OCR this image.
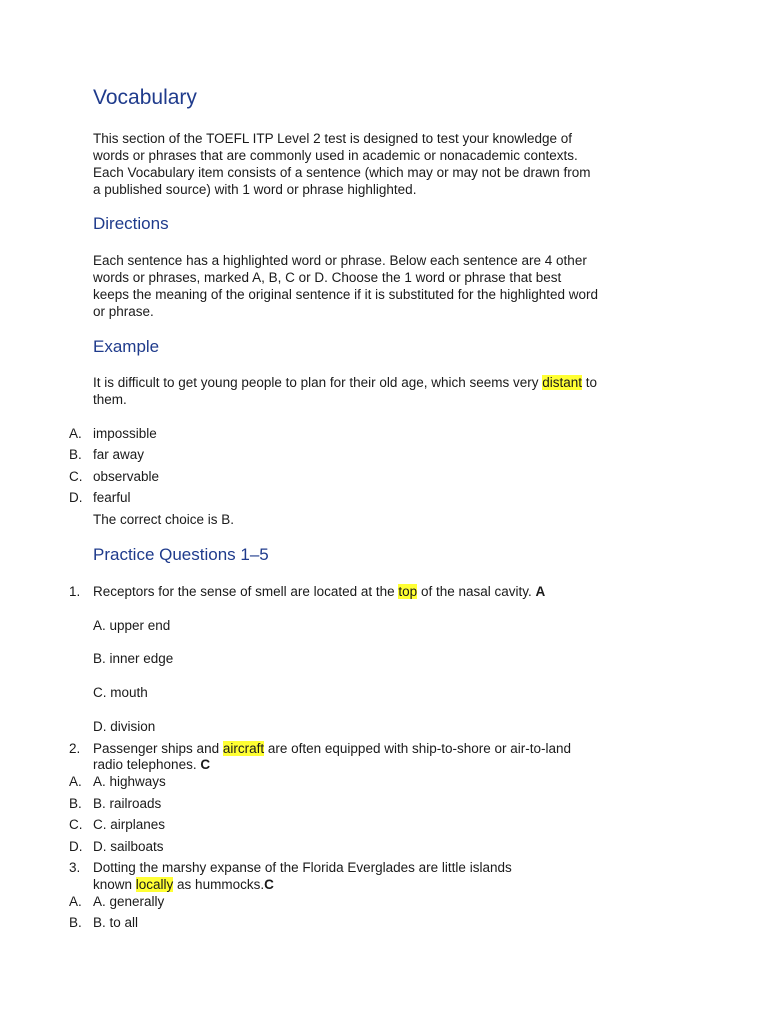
Vocabulary
This section of the TOEFL ITP Level 2 test is designed to test your knowledge of
words or phrases that are commonly used in academic or nonacademic contexts.
Each Vocabulary item consists of a sentence (which may or may not be drawn from
a published source) with 1 word or phrase highlighted.
Directions
Each sentence has a highlighted word or phrase. Below each sentence are 4 other
words or phrases, marked A, B, C or D. Choose the 1 word or phrase that best
keeps the meaning of the original sentence if it is substituted for the highlighted word
or phrase.
Example
It is difficult to get young people to plan for their old age, which seems very distant to
them.
A. impossible
B. far away
C. observable
D. fearful
The correct choice is B.
Practice Questions 1–5
1. Receptors for the sense of smell are located at the top of the nasal cavity. A
A. upper end
B. inner edge
C. mouth
D. division
2. Passenger ships and aircraft are often equipped with ship-to-shore or air-to-land
radio telephones. C
A. A. highways
B. B. railroads
C. C. airplanes
D. D. sailboats
3. Dotting the marshy expanse of the Florida Everglades are little islands
known locally as hummocks.C
A. A. generally
B. B. to all
